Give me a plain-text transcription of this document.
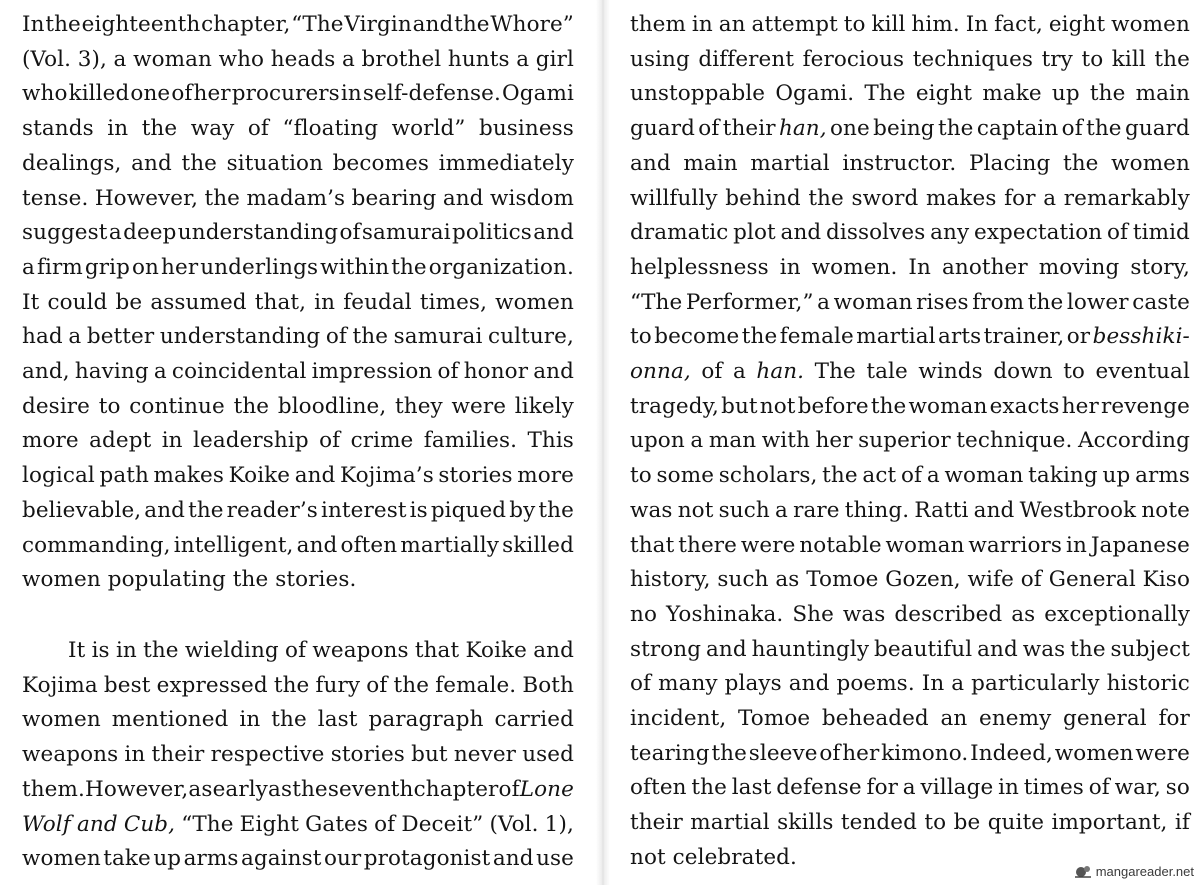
In the eighteenth chapter, “The Virgin and the Whore”
(Vol. 3), a woman who heads a brothel hunts a girl
who killed one of her procurers in self-defense. Ogami
stands in the way of “floating world” business
dealings, and the situation becomes immediately
tense. However, the madam’s bearing and wisdom
suggest a deep understanding of samurai politics and
a firm grip on her underlings within the organization.
It could be assumed that, in feudal times, women
had a better understanding of the samurai culture,
and, having a coincidental impression of honor and
desire to continue the bloodline, they were likely
more adept in leadership of crime families. This
logical path makes Koike and Kojima’s stories more
believable, and the reader’s interest is piqued by the
commanding, intelligent, and often martially skilled
women populating the stories.
It is in the wielding of weapons that Koike and
Kojima best expressed the fury of the female. Both
women mentioned in the last paragraph carried
weapons in their respective stories but never used
them. However, as early as the seventh chapter of Lone
Wolf and Cub, “The Eight Gates of Deceit” (Vol. 1),
women take up arms against our protagonist and use
them in an attempt to kill him. In fact, eight women
using different ferocious techniques try to kill the
unstoppable Ogami. The eight make up the main
guard of their han, one being the captain of the guard
and main martial instructor. Placing the women
willfully behind the sword makes for a remarkably
dramatic plot and dissolves any expectation of timid
helplessness in women. In another moving story,
“The Performer,” a woman rises from the lower caste
to become the female martial arts trainer, or besshiki-
onna, of a han. The tale winds down to eventual
tragedy, but not before the woman exacts her revenge
upon a man with her superior technique. According
to some scholars, the act of a woman taking up arms
was not such a rare thing. Ratti and Westbrook note
that there were notable woman warriors in Japanese
history, such as Tomoe Gozen, wife of General Kiso
no Yoshinaka. She was described as exceptionally
strong and hauntingly beautiful and was the subject
of many plays and poems. In a particularly historic
incident, Tomoe beheaded an enemy general for
tearing the sleeve of her kimono. Indeed, women were
often the last defense for a village in times of war, so
their martial skills tended to be quite important, if
not celebrated.
mangareader.net
